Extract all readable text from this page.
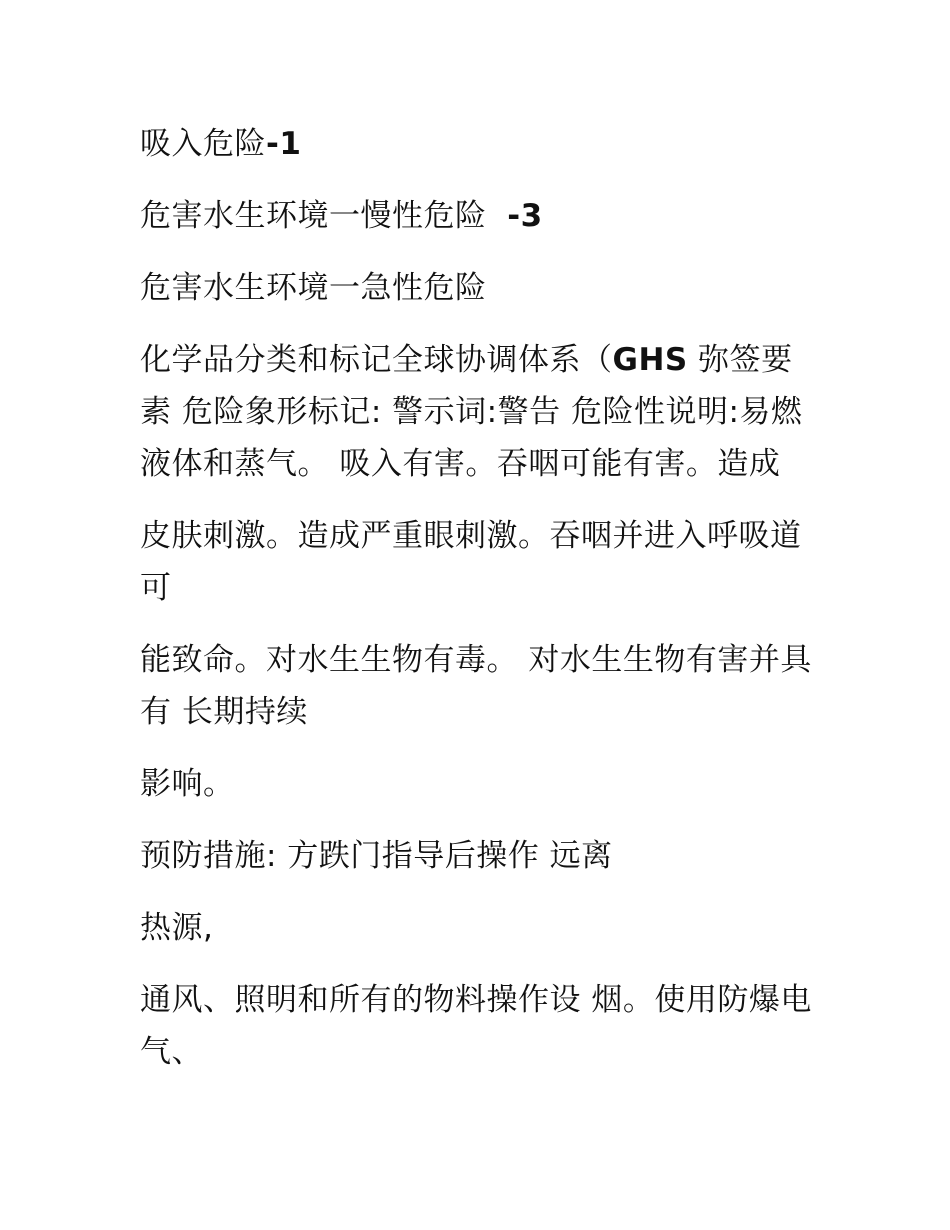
吸入危险-1

危害水生环境一慢性危险 -3

危害水生环境一急性危险

化学品分类和标记全球协调体系（GHS 弥签要素 危险象形标记: 警示词:警告 危险性说明:易燃液体和蒸气。 吸入有害。吞咽可能有害。造成

皮肤刺激。造成严重眼刺激。吞咽并进入呼吸道可

能致命。对水生生物有毒。 对水生生物有害并具有 长期持续

影响。

预防措施: 方跌门指导后操作 远离

热源,

通风、照明和所有的物料操作设 烟。使用防爆电气、
